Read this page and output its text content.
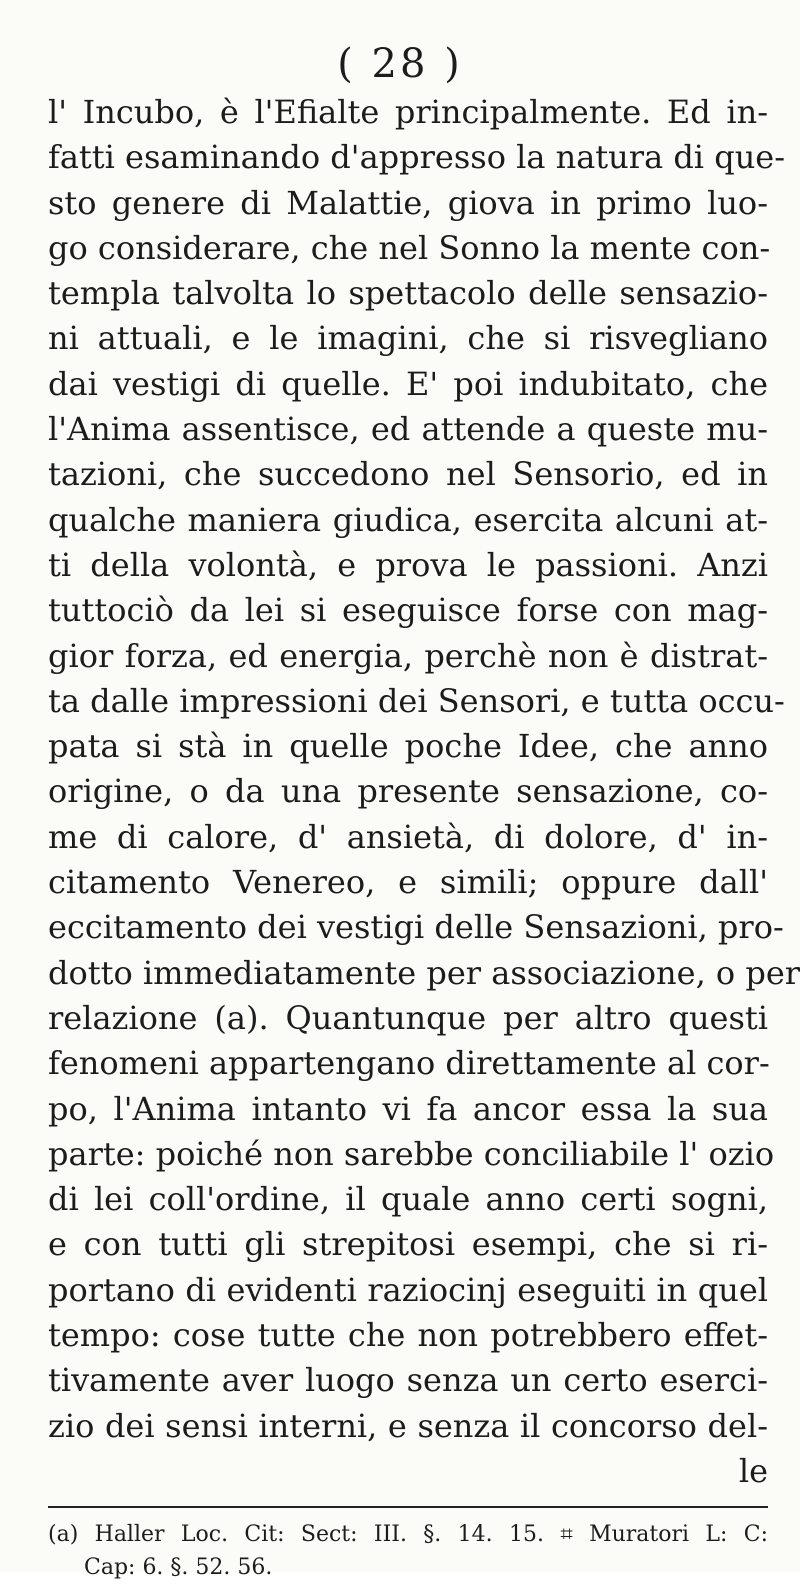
( 28 )
l' Incubo, è l'Efialte principalmente. Ed in-
fatti esaminando d'appresso la natura di que-
sto genere di Malattie, giova in primo luo-
go considerare, che nel Sonno la mente con-
templa talvolta lo spettacolo delle sensazio-
ni attuali, e le imagini, che si risvegliano
dai vestigi di quelle. E' poi indubitato, che
l'Anima assentisce, ed attende a queste mu-
tazioni, che succedono nel Sensorio, ed in
qualche maniera giudica, esercita alcuni at-
ti della volontà, e prova le passioni. Anzi
tuttociò da lei si eseguisce forse con mag-
gior forza, ed energia, perchè non è distrat-
ta dalle impressioni dei Sensori, e tutta occu-
pata si stà in quelle poche Idee, che anno
origine, o da una presente sensazione, co-
me di calore, d' ansietà, di dolore, d' in-
citamento Venereo, e simili; oppure dall'
eccitamento dei vestigi delle Sensazioni, pro-
dotto immediatamente per associazione, o per
relazione (a). Quantunque per altro questi
fenomeni appartengano direttamente al cor-
po, l'Anima intanto vi fa ancor essa la sua
parte: poiché non sarebbe conciliabile l' ozio
di lei coll'ordine, il quale anno certi sogni,
e con tutti gli strepitosi esempi, che si ri-
portano di evidenti raziocinj eseguiti in quel
tempo: cose tutte che non potrebbero effet-
tivamente aver luogo senza un certo eserci-
zio dei sensi interni, e senza il concorso del-
le
(a) Haller Loc. Cit: Sect: III. §. 14. 15. ⌗ Muratori L: C:
Cap: 6. §. 52. 56.
